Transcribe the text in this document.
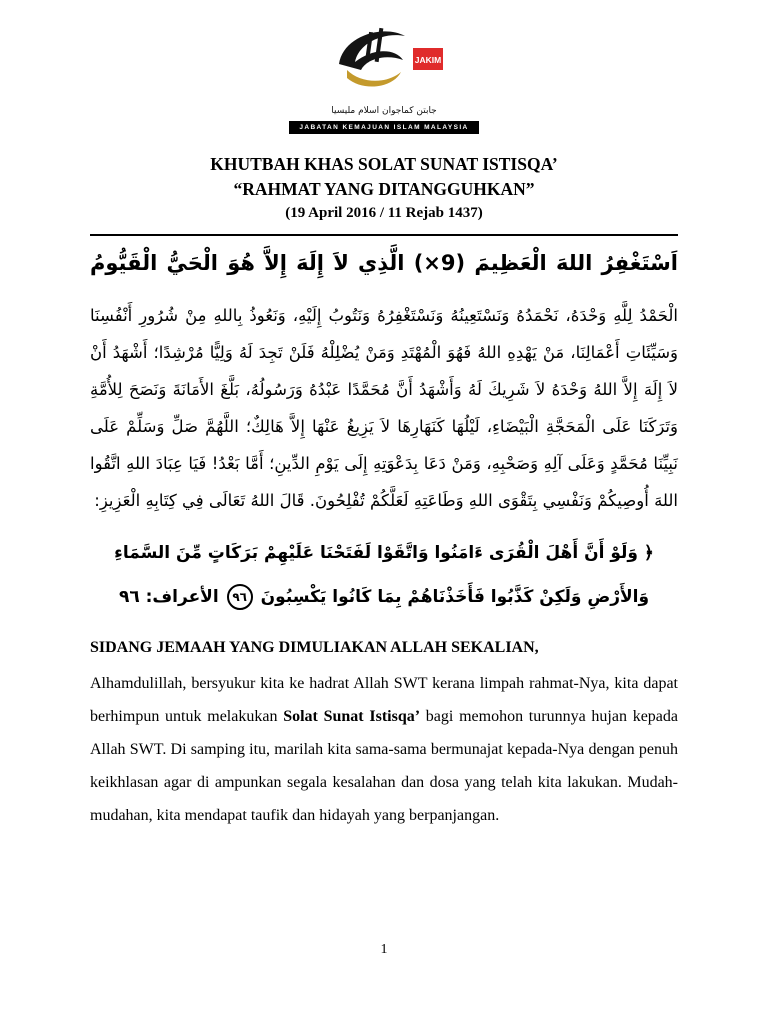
JAKIM
جابتن كماجوان اسلام مليسيا
JABATAN KEMAJUAN ISLAM MALAYSIA
KHUTBAH KHAS SOLAT SUNAT ISTISQA’
“RAHMAT YANG DITANGGUHKAN”
(19 April 2016 / 11 Rejab 1437)
اَسْتَغْفِرُ اللهَ الْعَظِيمَ (9×) الَّذِي لاَ إِلَهَ إِلاَّ هُوَ الْحَيُّ الْقَيُّومُ
الْحَمْدُ لِلَّهِ وَحْدَهُ، نَحْمَدُهُ وَنَسْتَعِينُهُ وَنَسْتَغْفِرُهُ وَنَتُوبُ إِلَيْهِ، وَنَعُوذُ بِاللهِ مِنْ شُرُورِ أَنْفُسِنَا وَسَيِّئَاتِ أَعْمَالِنَا، مَنْ يَهْدِهِ اللهُ فَهُوَ الْمُهْتَدِ وَمَنْ يُضْلِلْهُ فَلَنْ تَجِدَ لَهُ وَلِيًّا مُرْشِدًا؛ أَشْهَدُ أَنْ لاَ إِلَهَ إِلاَّ اللهُ وَحْدَهُ لاَ شَرِيكَ لَهُ وَأَشْهَدُ أَنَّ مُحَمَّدًا عَبْدُهُ وَرَسُولُهُ، بَلَّغَ الأَمَانَةَ وَنَصَحَ لِلأُمَّةِ وَتَرَكَنَا عَلَى الْمَحَجَّةِ الْبَيْضَاءِ، لَيْلُهَا كَنَهَارِهَا لاَ يَزِيغُ عَنْهَا إِلاَّ هَالِكٌ؛ اللَّهُمَّ صَلِّ وَسَلِّمْ عَلَى نَبِيِّنَا مُحَمَّدٍ وَعَلَى آلِهِ وَصَحْبِهِ، وَمَنْ دَعَا بِدَعْوَتِهِ إِلَى يَوْمِ الدِّينِ؛ أَمَّا بَعْدُ! فَيَا عِبَادَ اللهِ اتَّقُوا اللهَ أُوصِيكُمْ وَنَفْسِي بِتَقْوَى اللهِ وَطَاعَتِهِ لَعَلَّكُمْ تُفْلِحُونَ. قَالَ اللهُ تَعَالَى فِي كِتَابِهِ الْعَزِيزِ:
﴿ وَلَوْ أَنَّ أَهْلَ الْقُرَى ءَامَنُوا وَاتَّقَوْا لَفَتَحْنَا عَلَيْهِمْ بَرَكَاتٍ مِّنَ السَّمَاءِ وَالأَرْضِ وَلَكِنْ كَذَّبُوا فَأَخَذْنَاهُمْ بِمَا كَانُوا يَكْسِبُونَ٩٦الأعراف: ٩٦
SIDANG JEMAAH YANG DIMULIAKAN ALLAH SEKALIAN,

Alhamdulillah, bersyukur kita ke hadrat Allah SWT kerana limpah rahmat-Nya, kita dapat berhimpun untuk melakukan Solat Sunat Istisqa’ bagi memohon turunnya hujan kepada Allah SWT. Di samping itu, marilah kita sama-sama bermunajat kepada-Nya dengan penuh keikhlasan agar di ampunkan segala kesalahan dan dosa yang telah kita lakukan. Mudah-mudahan, kita mendapat taufik dan hidayah yang berpanjangan.

1
